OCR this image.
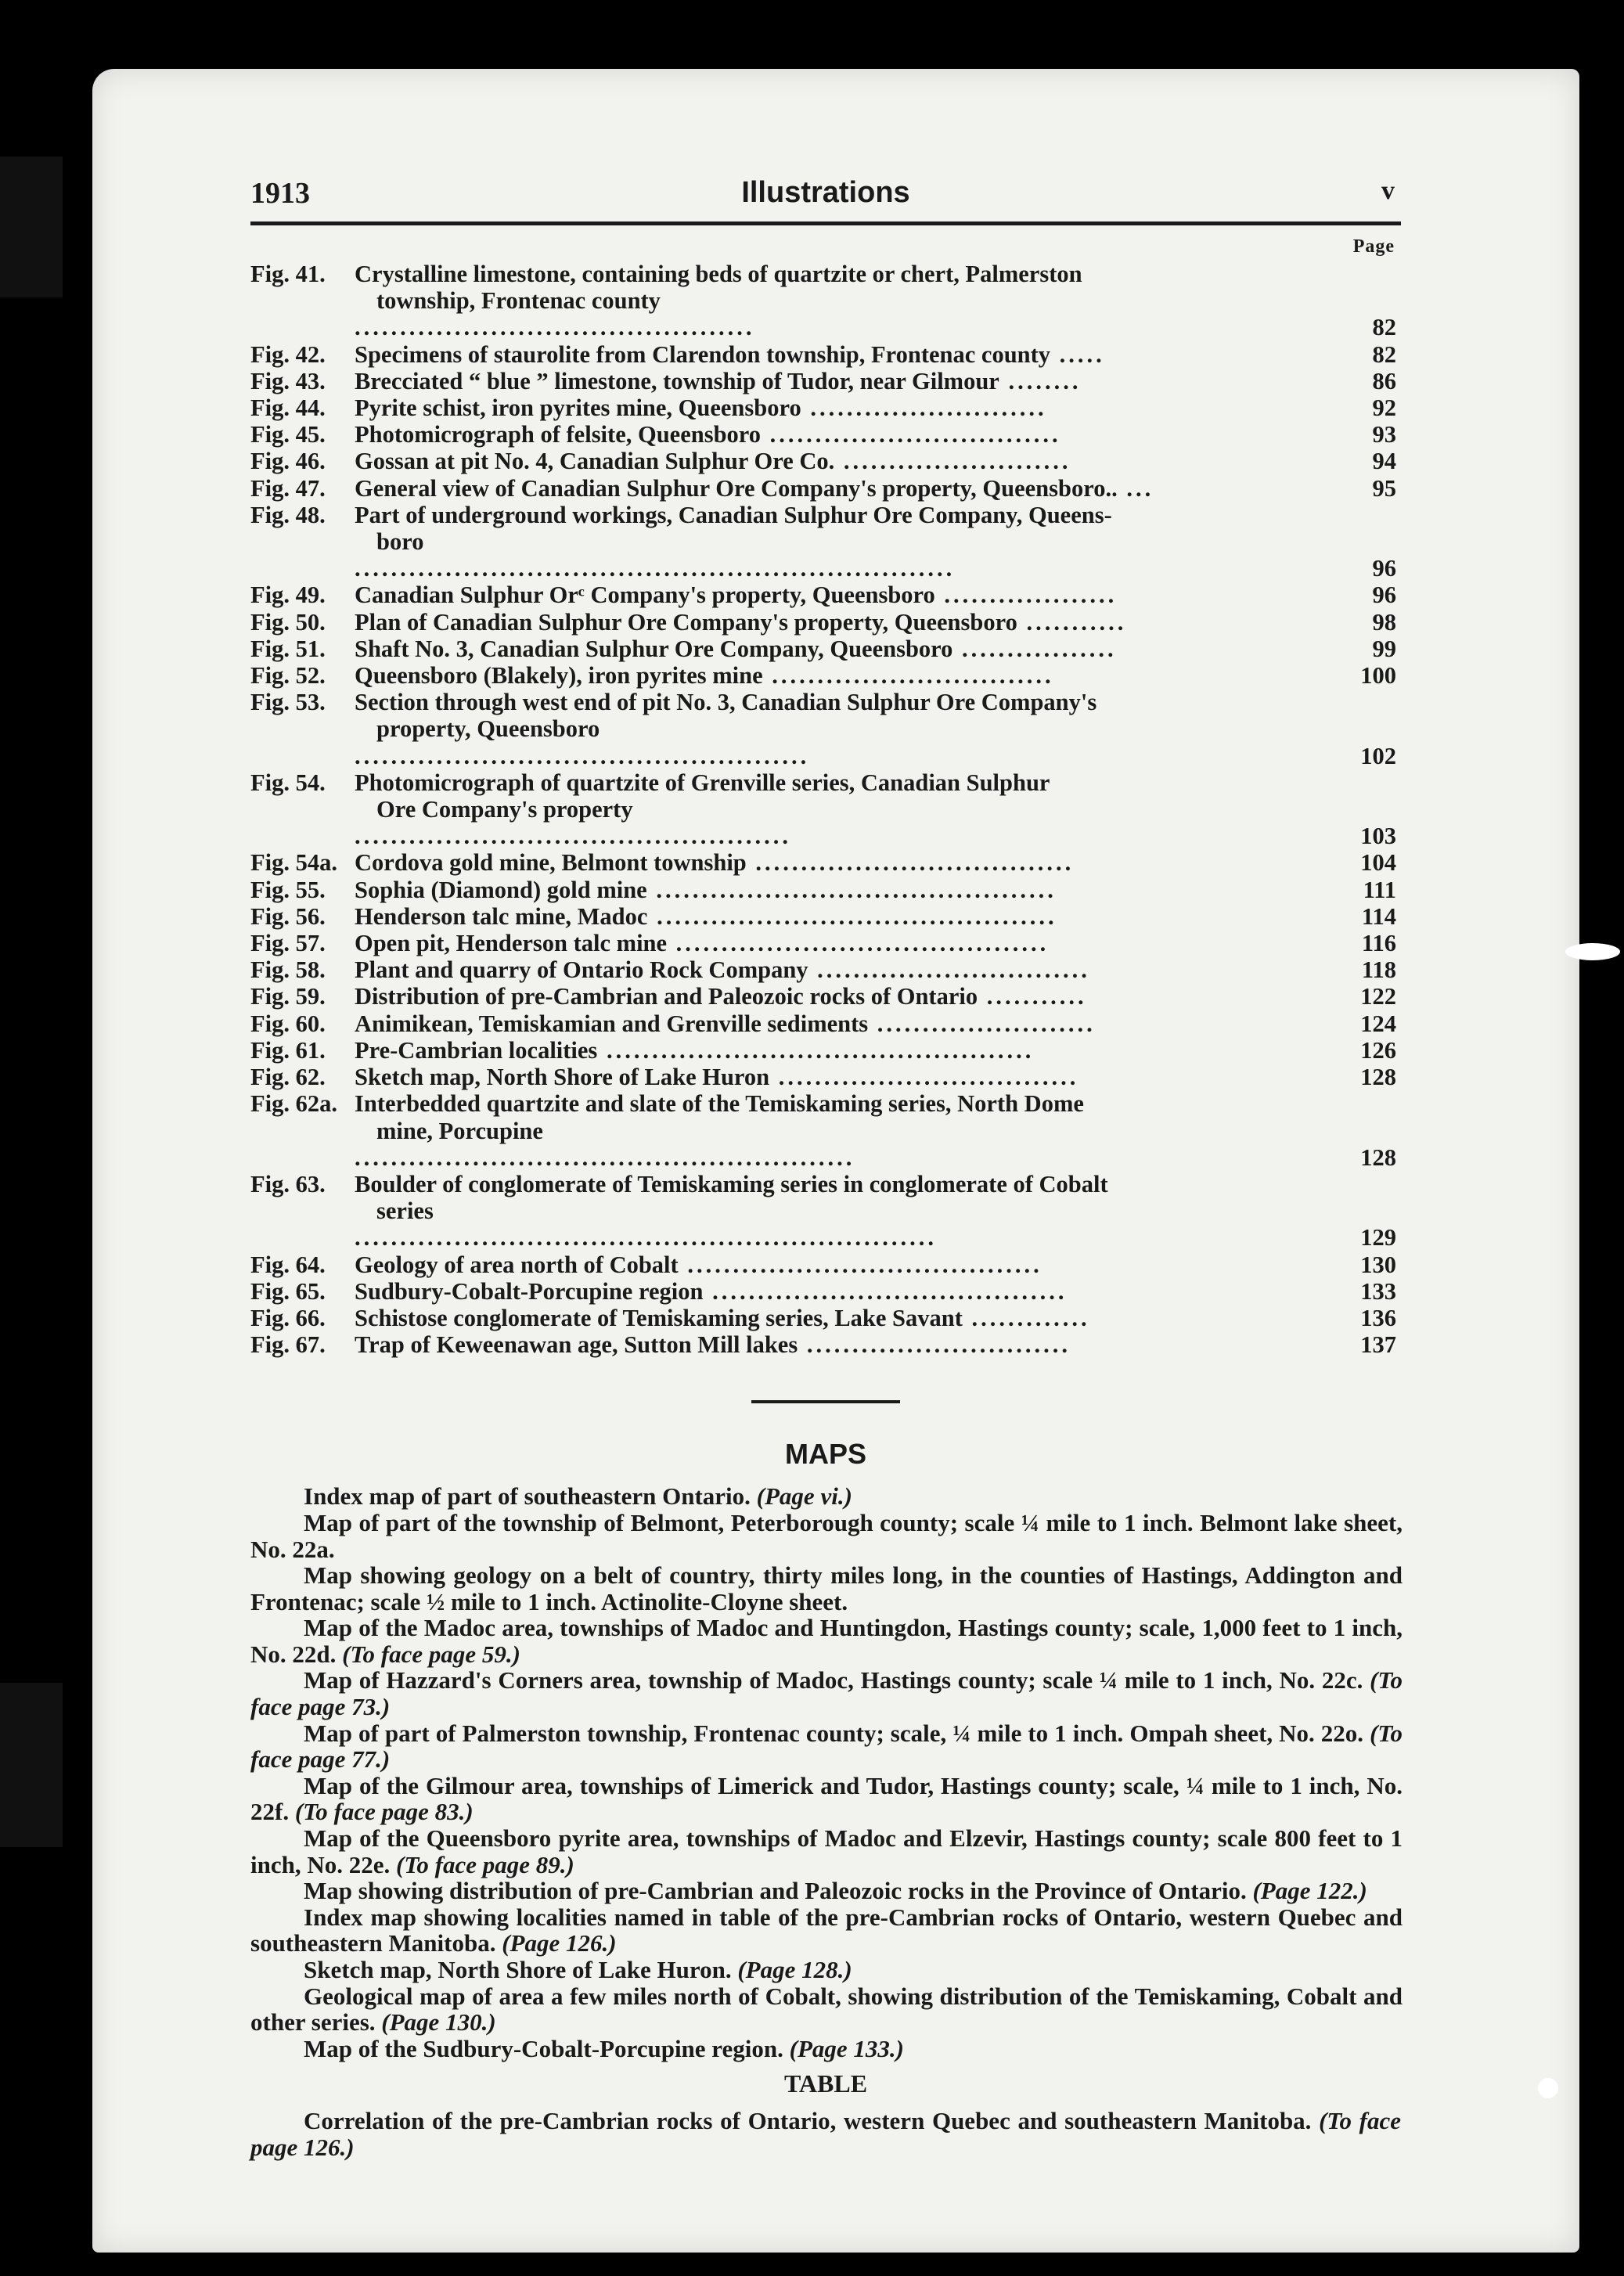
1913	Illustrations	v
Page
Fig. 41.	Crystalline limestone, containing beds of quartzite or chert, Palmerston

township, Frontenac county
............................................	82
Fig. 42.	Specimens of staurolite from Clarendon township, Frontenac county .....	82
Fig. 43.	Brecciated “ blue ” limestone, township of Tudor, near Gilmour ........	86
Fig. 44.	Pyrite schist, iron pyrites mine, Queensboro ..........................	92
Fig. 45.	Photomicrograph of felsite, Queensboro ................................	93
Fig. 46.	Gossan at pit No. 4, Canadian Sulphur Ore Co. .........................	94
Fig. 47.	General view of Canadian Sulphur Ore Company's property, Queensboro.. ...	95
Fig. 48.	Part of underground workings, Canadian Sulphur Ore Company, Queens-

boro
..................................................................	96
Fig. 49.	Canadian Sulphur Orᶜ Company's property, Queensboro ...................	96
Fig. 50.	Plan of Canadian Sulphur Ore Company's property, Queensboro ...........	98
Fig. 51.	Shaft No. 3, Canadian Sulphur Ore Company, Queensboro .................	99
Fig. 52.	Queensboro (Blakely), iron pyrites mine ...............................	100
Fig. 53.	Section through west end of pit No. 3, Canadian Sulphur Ore Company's

property, Queensboro
..................................................	102
Fig. 54.	Photomicrograph of quartzite of Grenville series, Canadian Sulphur

Ore Company's property
................................................	103
Fig. 54a. Cordova gold mine, Belmont township ...................................	104
Fig. 55.	Sophia (Diamond) gold mine ............................................	111
Fig. 56.	Henderson talc mine, Madoc ............................................	114
Fig. 57.	Open pit, Henderson talc mine .........................................	116
Fig. 58.	Plant and quarry of Ontario Rock Company ..............................	118
Fig. 59.	Distribution of pre-Cambrian and Paleozoic rocks of Ontario ...........	122
Fig. 60.	Animikean, Temiskamian and Grenville sediments ........................	124
Fig. 61.	Pre-Cambrian localities ...............................................	126
Fig. 62.	Sketch map, North Shore of Lake Huron .................................	128
Fig. 62a. Interbedded quartzite and slate of the Temiskaming series, North Dome

mine, Porcupine
.......................................................	128
Fig. 63.	Boulder of conglomerate of Temiskaming series in conglomerate of Cobalt

series
................................................................	129
Fig. 64.	Geology of area north of Cobalt .......................................	130
Fig. 65.	Sudbury-Cobalt-Porcupine region .......................................	133
Fig. 66.	Schistose conglomerate of Temiskaming series, Lake Savant .............	136
Fig. 67.	Trap of Keweenawan age, Sutton Mill lakes .............................	137
MAPS
Index map of part of southeastern Ontario. (Page vi.)
Map of part of the township of Belmont, Peterborough county; scale ¼ mile to 1 inch. Belmont lake sheet, No. 22a.
Map showing geology on a belt of country, thirty miles long, in the counties of Hastings, Addington and Frontenac; scale ½ mile to 1 inch. Actinolite-Cloyne sheet.
Map of the Madoc area, townships of Madoc and Huntingdon, Hastings county; scale, 1,000 feet to 1 inch, No. 22d. (To face page 59.)
Map of Hazzard's Corners area, township of Madoc, Hastings county; scale ¼ mile to 1 inch, No. 22c. (To face page 73.)
Map of part of Palmerston township, Frontenac county; scale, ¼ mile to 1 inch. Ompah sheet, No. 22o. (To face page 77.)
Map of the Gilmour area, townships of Limerick and Tudor, Hastings county; scale, ¼ mile to 1 inch, No. 22f. (To face page 83.)
Map of the Queensboro pyrite area, townships of Madoc and Elzevir, Hastings county; scale 800 feet to 1 inch, No. 22e. (To face page 89.)
Map showing distribution of pre-Cambrian and Paleozoic rocks in the Province of Ontario. (Page 122.)
Index map showing localities named in table of the pre-Cambrian rocks of Ontario, western Quebec and southeastern Manitoba. (Page 126.)
Sketch map, North Shore of Lake Huron. (Page 128.)
Geological map of area a few miles north of Cobalt, showing distribution of the Temiskaming, Cobalt and other series. (Page 130.)
Map of the Sudbury-Cobalt-Porcupine region. (Page 133.)
TABLE
Correlation of the pre-Cambrian rocks of Ontario, western Quebec and southeastern Manitoba. (To face page 126.)
